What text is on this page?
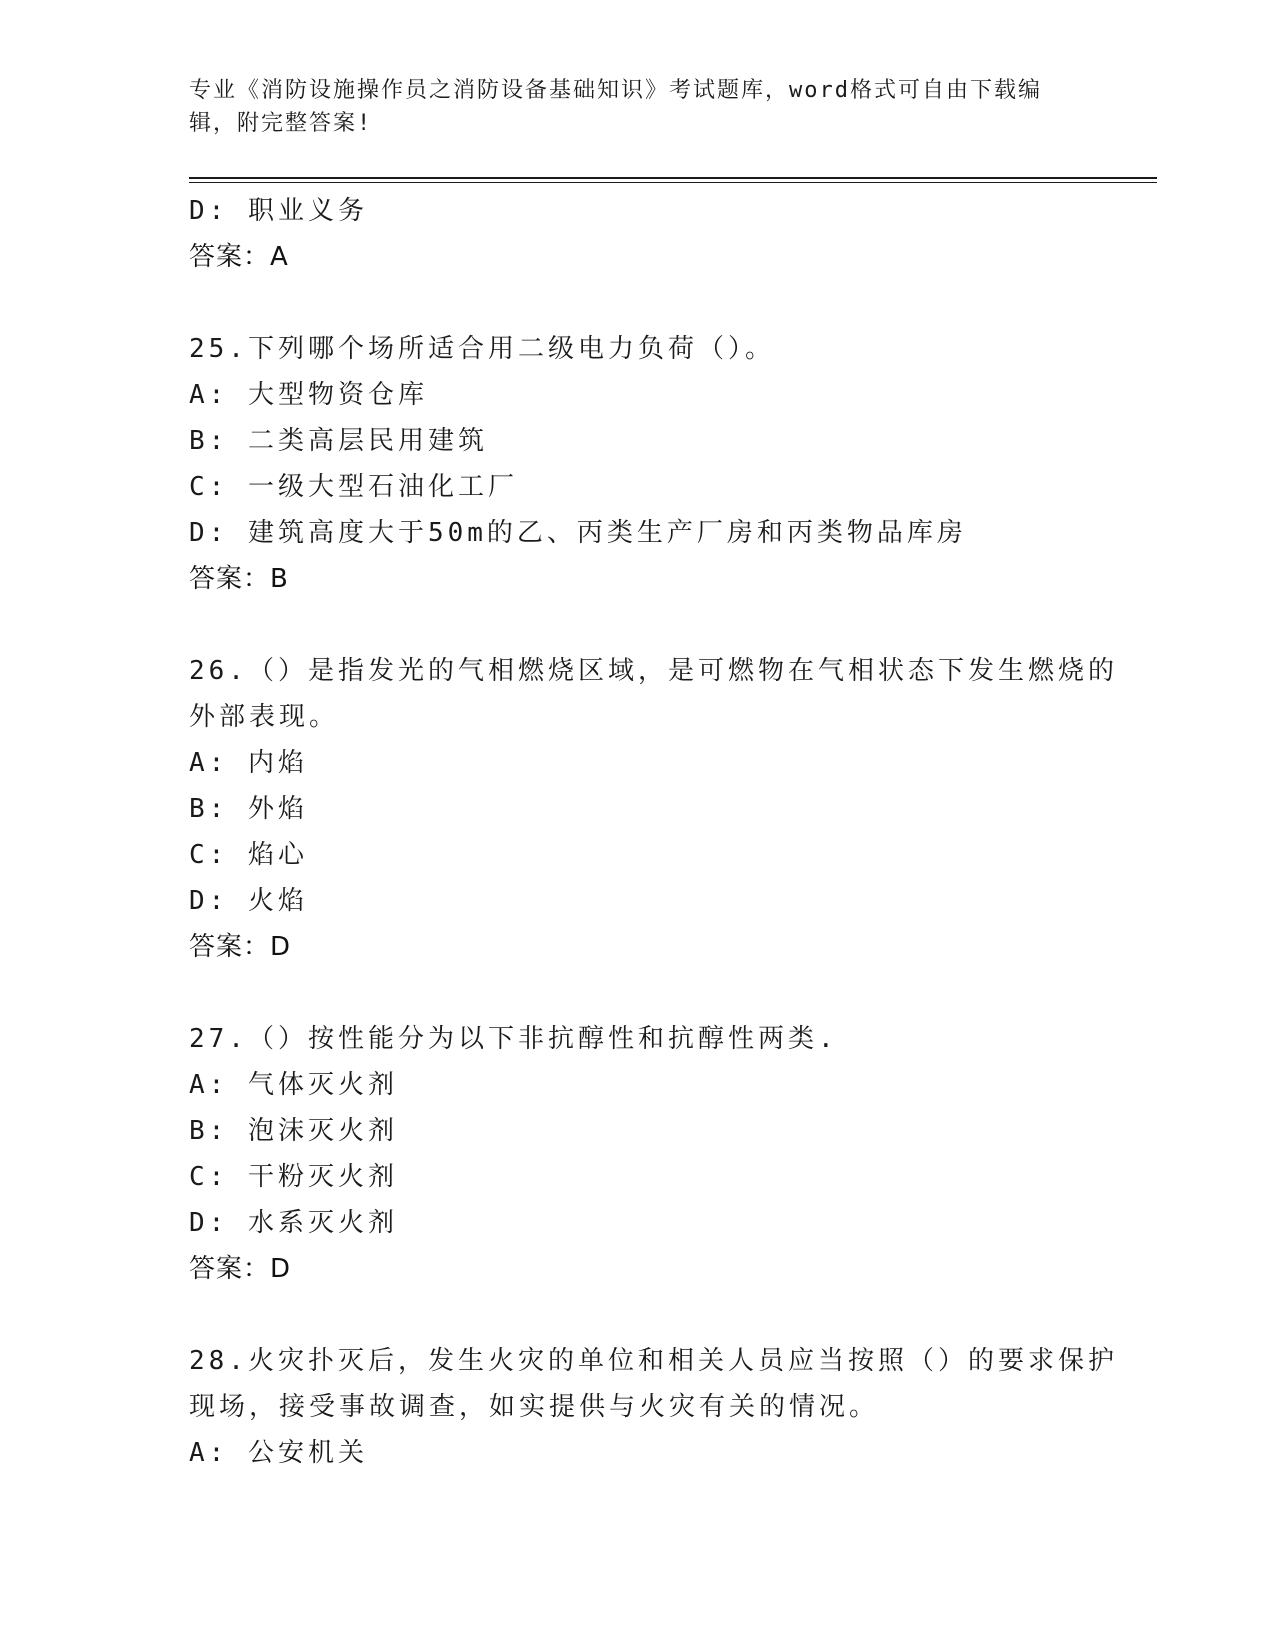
专业《消防设施操作员之消防设备基础知识》考试题库，word格式可自由下载编
辑，附完整答案!
D: 职业义务
答案：A
25.下列哪个场所适合用二级电力负荷（）。
A: 大型物资仓库
B: 二类高层民用建筑
C: 一级大型石油化工厂
D: 建筑高度大于50m的乙、丙类生产厂房和丙类物品库房
答案：B
26.（）是指发光的气相燃烧区域，是可燃物在气相状态下发生燃烧的
外部表现。
A: 内焰
B: 外焰
C: 焰心
D: 火焰
答案：D
27.（）按性能分为以下非抗醇性和抗醇性两类.
A: 气体灭火剂
B: 泡沫灭火剂
C: 干粉灭火剂
D: 水系灭火剂
答案：D
28.火灾扑灭后，发生火灾的单位和相关人员应当按照（）的要求保护
现场，接受事故调查，如实提供与火灾有关的情况。
A: 公安机关
